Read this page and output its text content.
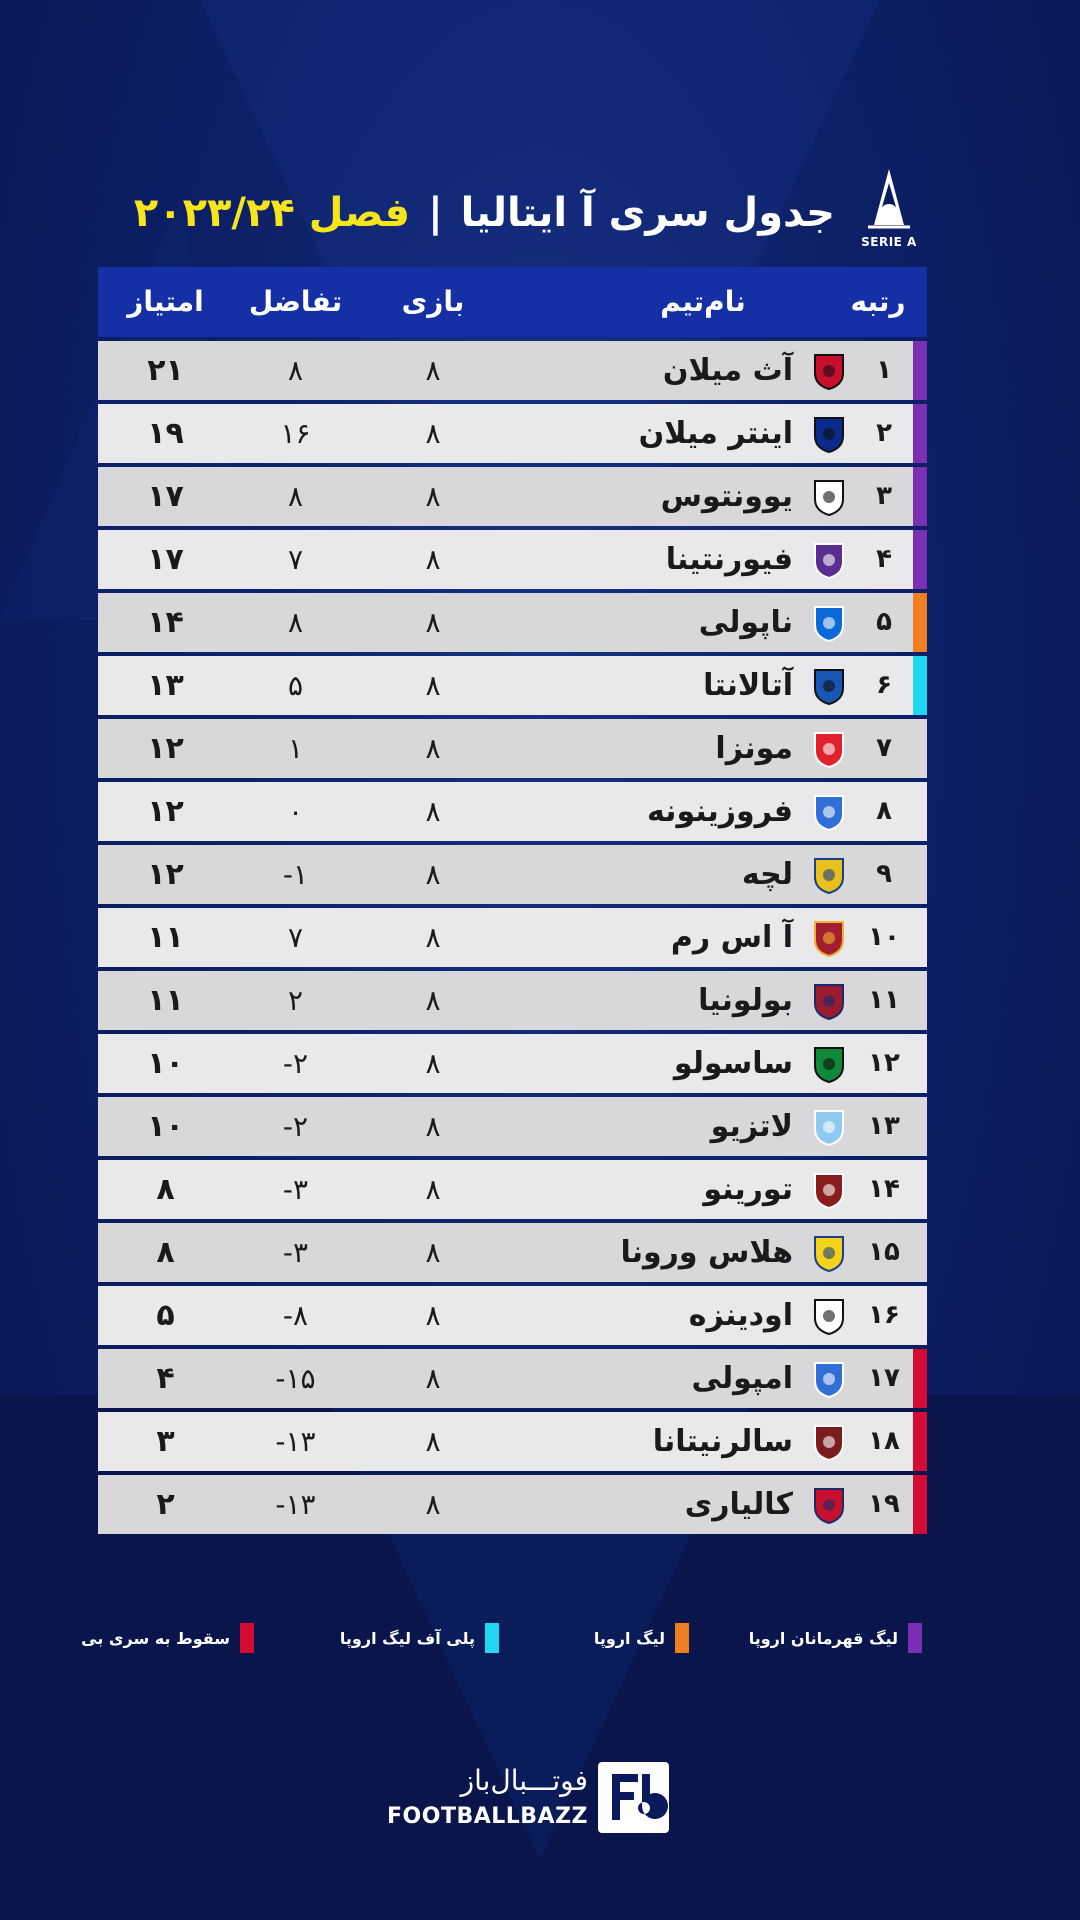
SERIE A
جدول سری آ ایتالیا|فصل ۲۰۲۳/۲۴
رتبه
نام‌تیم
بازی
تفاضل
امتیاز
۱
آث میلان
۸
۸
۲۱
۲
اینتر میلان
۸
۱۶
۱۹
۳
یوونتوس
۸
۸
۱۷
۴
فیورنتینا
۸
۷
۱۷
۵
ناپولی
۸
۸
۱۴
۶
آتالانتا
۸
۵
۱۳
۷
مونزا
۸
۱
۱۲
۸
فروزینونه
۸
۰
۱۲
۹
لچه
۸
-۱
۱۲
۱۰
آ اس رم
۸
۷
۱۱
۱۱
بولونیا
۸
۲
۱۱
۱۲
ساسولو
۸
-۲
۱۰
۱۳
لاتزیو
۸
-۲
۱۰
۱۴
تورینو
۸
-۳
۸
۱۵
هلاس ورونا
۸
-۳
۸
۱۶
اودینزه
۸
-۸
۵
۱۷
امپولی
۸
-۱۵
۴
۱۸
سالرنیتانا
۸
-۱۳
۳
۱۹
کالیاری
۸
-۱۳
۲
لیگ قهرمانان اروپا
لیگ اروپا
پلی آف لیگ اروپا
سقوط به سری بی
فوتـــبال‌باز
FOOTBALLBAZZ
